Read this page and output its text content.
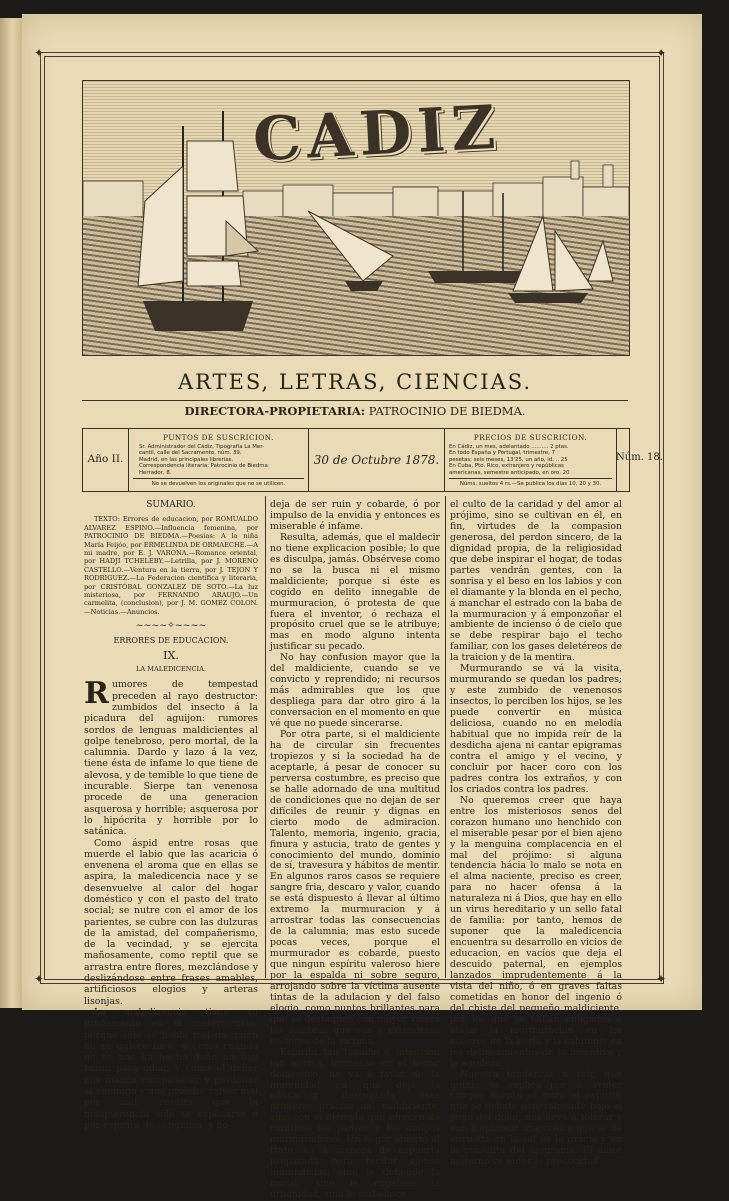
✦	✦
✦	✦
CADIZ
ARTES, LETRAS, CIENCIAS.
DIRECTORA-PROPIETARIA: PATROCINIO DE BIEDMA.
Año II.
PUNTOS DE SUSCRICION.
Sr. Administrador del Cádiz, Tipografía La Mer-
cantil, calle del Sacramento, núm. 39.
Madrid, en las principales librerías.
Correspondencia literaria: Patrocinio de Biedma
Herrador, 8.
No se devuelven los originales que no se utilicen.
30 de Octubre 1878.
PRECIOS DE SUSCRICION.
En Cádiz, un mes, adelantado .......... 2 ptas.
En todo España y Portugal, trimestre, 7
pesetas; seis meses, 13'25, un año, id. .. 25
En Cuba, Pto. Rico, extranjero y repúblicas
americanas, semestre anticipado, en oro. 20
Núms. sueltos 4 rs.—Se publica los dias 10, 20 y 30.
Núm. 18.

SUMARIO.

TEXTO: Errores de educacion, por ROMUALDO ALVAREZ ESPINO.—Influencia femenina, por PATROCINIO DE BIEDMA.—Poesías: A la niña María Feijóo, por ERMELINDA DE ORMAECHE.—A mi madre, por E. J. VARONA.—Romance oriental, por HADJI TCHELEBY.—Letrilla, por J. MORENO CASTELLO.—Ventura en la tierra, por J. TEJON Y RODRIGUEZ.—La Federacion científica y literaria, por CRISTÓBAL GONZALEZ DE SOTO.—La luz misteriosa, por FERNANDO ARAUJO.—Un carmelita, (conclusion), por J. M. GOMEZ COLON.—Noticias.—Anuncios.

~~~~✧~~~~

ERRORES DE EDUCACION.

IX.

LA MALEDICENCIA.

Rumores de tempestad preceden al rayo destructor: zumbidos del insecto á la picadura del aguijon: rumores sordos de lenguas maldicientes al golpe tenebroso, pero mortal, de la calumnia. Dardo y lazo á la vez, tiene ésta de infame lo que tiene de alevosa, y de temible lo que tiene de incurable. Sierpe tan venenosa procede de una generacion asquerosa y horrible; asquerosa por lo hipócrita y horrible por lo satánica.

Como áspid entre rosas que muerde el labio que las acaricia ó envenena el aroma que en ellas se aspira, la maledicencia nace y se desenvuelve al calor del hogar doméstico y con el pasto del trato social; se nutre con el amor de los parientes, se cubre con las dulzuras de la amistad, del compañerismo, de la vecindad, y se ejercita mañosamente, como reptil que se arrastra entre flores, mezclándose y deslizándose entre frases amables, artificiosos elogios y arteras lisonjas.

La maledicencia tiene su fundamento en la malevolencia; porque sólo se habla mal de quien no se quiere bien; y como cuando no se nos ha hecho daño no hay razon para odiar, y como el deber nos manda compadecer y perdonar al enemigo y nos prohibe volver mal por mal, resulta que la malquerencia sólo se explicarse ó por espíritu de venganza, y no

deja de ser ruin y cobarde, ó por impulso de la envidia y entonces es miserable é infame.

Resulta, además, que el maldecir no tiene explicacion posible; lo que es disculpa, jamás. Obsérvese como no se la busca ni el mismo maldiciente; porque si éste es cogido en delito innegable de murmuracion, ó protesta de que fuera el inventor, ó rechaza el propósito cruel que se le atribuye; mas en modo alguno intenta justificar su pecado.

No hay confusion mayor que la del maldiciente, cuando se ve convicto y reprendido; ni recursos más admirables que los que despliega para dar otro giro á la conversacion en el momento en que vé que no puede sincerarse.

Por otra parte, si el maldiciente ha de circular sin frecuentes tropiezos y si la sociedad ha de aceptarle, á pesar de conocer su perversa costumbre, es preciso que se halle adornado de una multitud de condiciones que no dejan de ser difíciles de reunir y dignas en cierto modo de admiracion. Talento, memoria, ingenio, gracia, finura y astucia, trato de gentes y conocimiento del mundo, dominio de sí, travesura y hábitos de mentir. En algunos raros casos se requiere sangre fria, descaro y valor, cuando se está dispuesto á llevar al último extremo la murmuracion y á arrostrar todas las consecuencias de la calumnia; mas esto sucede pocas veces, porque el murmurador es cobarde, puesto que ningun espíritu valeroso hiere por la espalda ni sobre seguro, arrojando sobre la víctima ausente tintas de la adulacion y del falso elogio, como puntos brillantes para que se destaquen con mayor viveza las sombras que van á extenderse en torno de la víctima.

Espíritu tan tamaño é intencion tan nociva, fórmanse en el hogar doméstico, no ya á favor de la impunidad en que deja la educacion descuidada esas primeras gracias del maldiciente; sino con el ejemplo que ofrecen de continuo los padres y los amigos murmuradores. Un hogar abierto al trato, es á manera de espuerta preparada para recibir ajenas inmundicias; sino le defiende la moral, sino le engalana la urbanidad, sino le embellece

el culto de la caridad y del amor al prójimo, sino se cultivan en él, en fin, virtudes de la compasion generosa, del perdon sincero, de la dignidad propia, de la religiosidad que debe inspirar el hogar, de todas partes vendrán gentes, con la sonrisa y el beso en los labios y con el diamante y la blonda en el pecho, á manchar el estrado con la baba de la murmuracion y á emponzoñar el ambiente de incienso ó de cielo que se debe respirar bajo el techo familiar, con los gases deletéreos de la traicion y de la mentira.

Murmurando se vá la visita, murmurando se quedan los padres; y este zumbido de venenosos insectos, lo perciben los hijos, se les puede convertir en música deliciosa, cuando no en melodía habitual que no impida reír de la desdicha ajena ni cantar epigramas contra el amigo y el vecino, y concluir por hacer coro con los padres contra los extraños, y con los criados contra los padres.

No queremos creer que haya entre los misteriosos senos del corazon humano uno henchido con el miserable pesar por el bien ajeno y la menguina complacencia en el mal del prójimo: si alguna tendencia hácia lo malo se nota en el alma naciente, preciso es creer, para no hacer ofensa á la naturaleza ni á Dios, que hay en ello un virus hereditario y un sello fatal de familia: por tanto, hemos de suponer que la maledicencia encuentra su desarrollo en vicios de educacion, en vacíos que deja el descuido paternal, en ejemplos lanzados imprudentemente á la vista del niño, ó en graves faltas cometidas en honor del ingenio ó del chiste del pequeño maldiciente, por los que se hallan obligados á atajar la murmuracion en los esbozos de la burla y la calumnia en los delineamientos de la inventiva y la agudeza.

Nuestra tendencia á reír, que quizás se explica por la avidez conque acepta el gozo el espíritu que se debate generalmente bajo el yugo del dolor, nos lleva á tolerar y aun á aplaudir una crítica que se dá envuelta en la sal de la gracia y en la pimienta del epigrama. El amor materno vé ántes la precocidad
